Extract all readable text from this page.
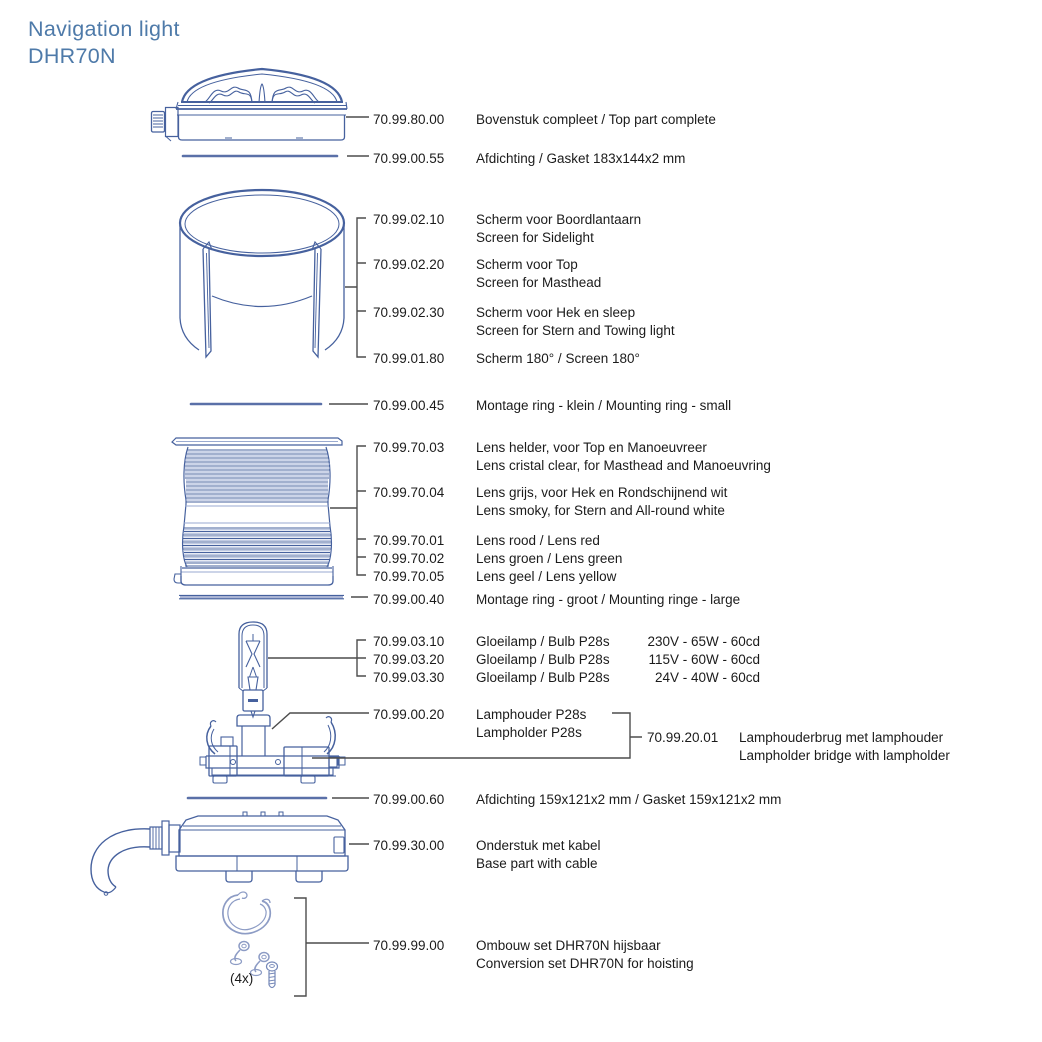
Navigation light
DHR70N
70.99.80.00 Bovenstuk compleet / Top part complete
70.99.00.55 Afdichting / Gasket 183x144x2 mm
70.99.02.10 Scherm voor Boordlantaarn
Screen for Sidelight
70.99.02.20 Scherm voor Top
Screen for Masthead
70.99.02.30 Scherm voor Hek en sleep
Screen for Stern and Towing light
70.99.01.80 Scherm 180° / Screen 180°
70.99.00.45 Montage ring - klein / Mounting ring - small
70.99.70.03 Lens helder, voor Top en Manoeuvreer
Lens cristal clear, for Masthead and Manoeuvring
70.99.70.04 Lens grijs, voor Hek en Rondschijnend wit
Lens smoky, for Stern and All-round white
70.99.70.01 Lens rood / Lens red
70.99.70.02 Lens groen / Lens green
70.99.70.05 Lens geel / Lens yellow
70.99.00.40 Montage ring - groot / Mounting ringe - large
70.99.03.10 Gloeilamp / Bulb P28s	230V - 65W - 60cd
70.99.03.20 Gloeilamp / Bulb P28s	115V - 60W - 60cd
70.99.03.30 Gloeilamp / Bulb P28s	24V - 40W - 60cd
70.99.00.20 Lamphouder P28s
Lampholder P28s	70.99.20.01 Lamphouderbrug met lamphouder
Lampholder bridge with lampholder
70.99.00.60 Afdichting 159x121x2 mm / Gasket 159x121x2 mm
70.99.30.00 Onderstuk met kabel
Base part with cable
70.99.99.00 Ombouw set DHR70N hijsbaar
Conversion set DHR70N for hoisting
(4x)
